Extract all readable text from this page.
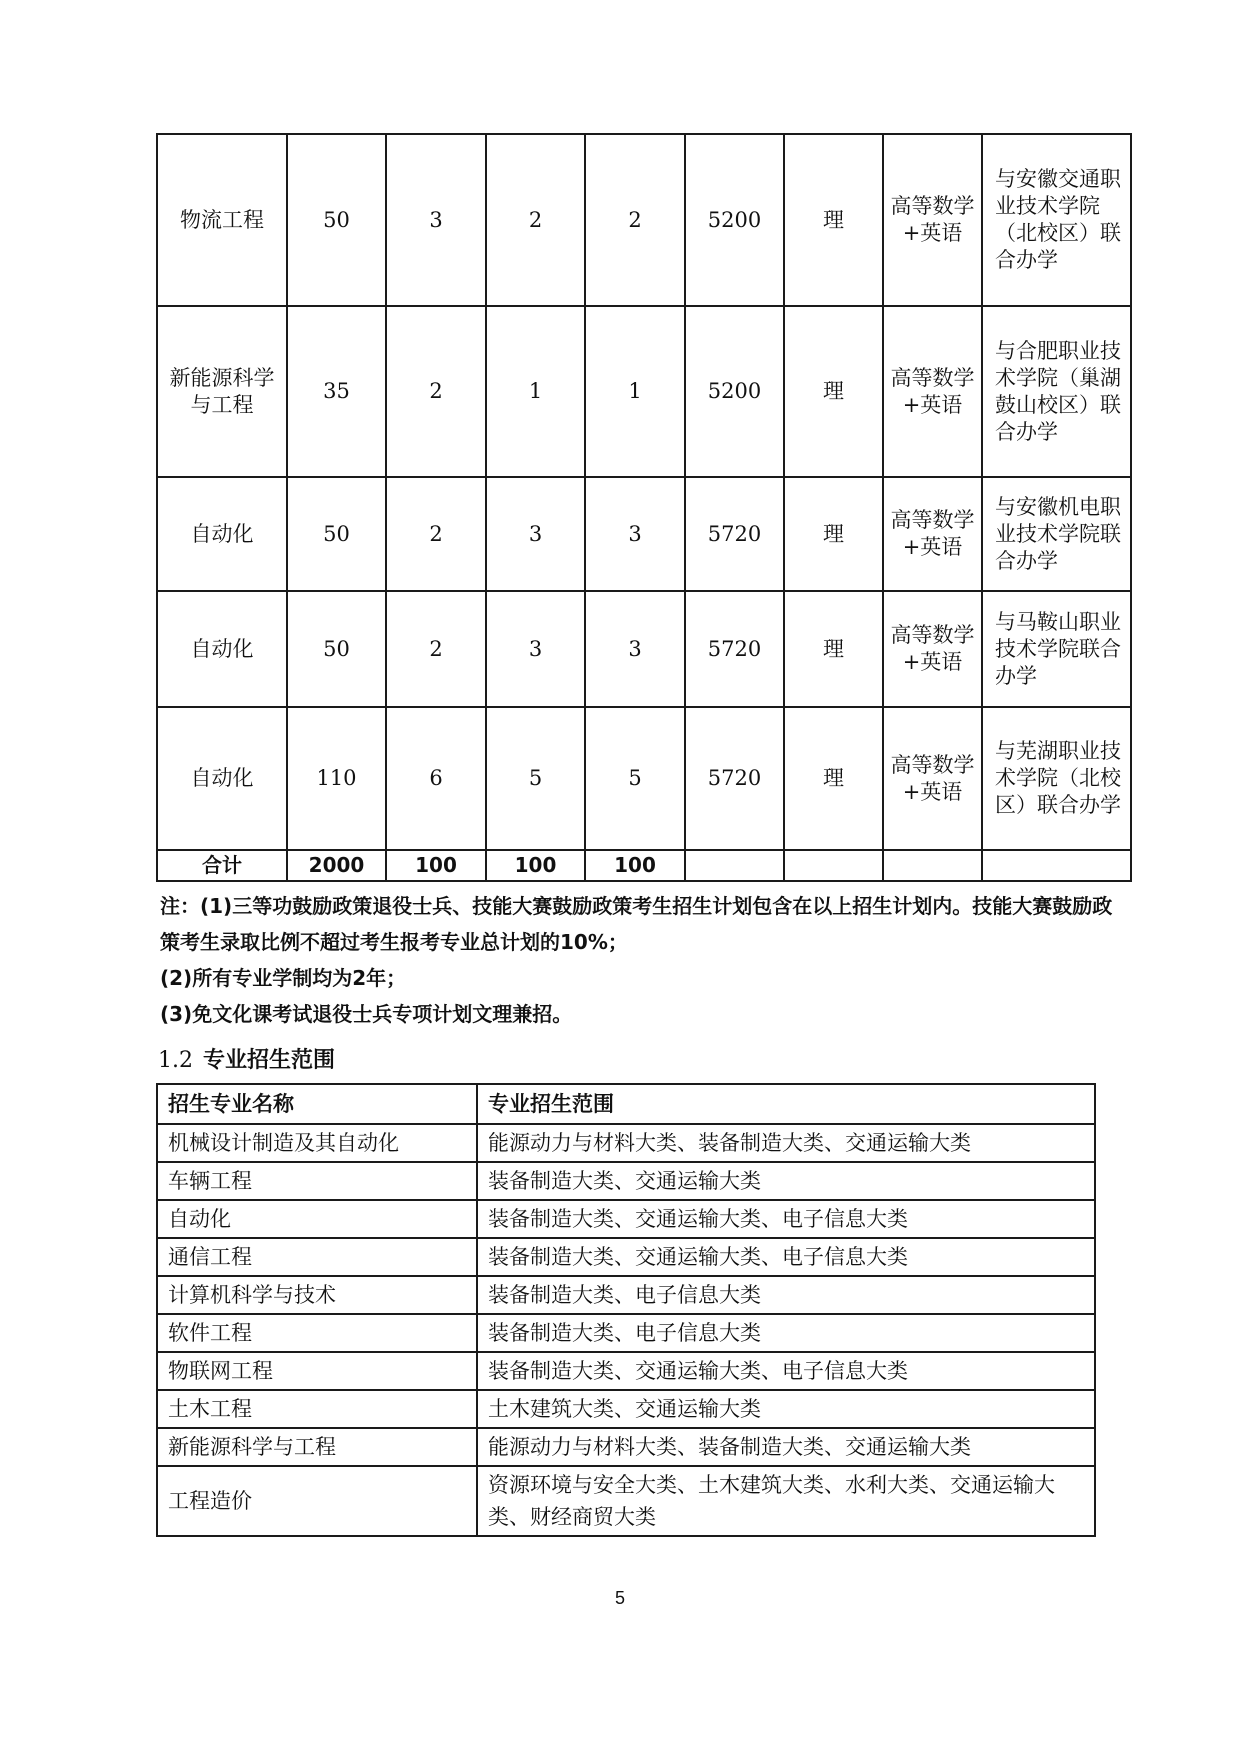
物流工程	50	3	2	2	5200	理	高等数学+英语	与安徽交通职业技术学院（北校区）联合办学
新能源科学与工程	35	2	1	1	5200	理	高等数学+英语	与合肥职业技术学院（巢湖鼓山校区）联合办学
自动化	50	2	3	3	5720	理	高等数学+英语	与安徽机电职业技术学院联合办学
自动化	50	2	3	3	5720	理	高等数学+英语	与马鞍山职业技术学院联合办学
自动化	110	6	5	5	5720	理	高等数学+英语	与芜湖职业技术学院（北校区）联合办学
合计	2000	100	100	100				

注：(1)三等功鼓励政策退役士兵、技能大赛鼓励政策考生招生计划包含在以上招生计划内。技能大赛鼓励政策考生录取比例不超过考生报考专业总计划的10%；

(2)所有专业学制均为2年；

(3)免文化课考试退役士兵专项计划文理兼招。

1.2 专业招生范围
招生专业名称	专业招生范围
机械设计制造及其自动化	能源动力与材料大类、装备制造大类、交通运输大类
车辆工程	装备制造大类、交通运输大类
自动化	装备制造大类、交通运输大类、电子信息大类
通信工程	装备制造大类、交通运输大类、电子信息大类
计算机科学与技术	装备制造大类、电子信息大类
软件工程	装备制造大类、电子信息大类
物联网工程	装备制造大类、交通运输大类、电子信息大类
土木工程	土木建筑大类、交通运输大类
新能源科学与工程	能源动力与材料大类、装备制造大类、交通运输大类
工程造价	资源环境与安全大类、土木建筑大类、水利大类、交通运输大类、财经商贸大类
5
